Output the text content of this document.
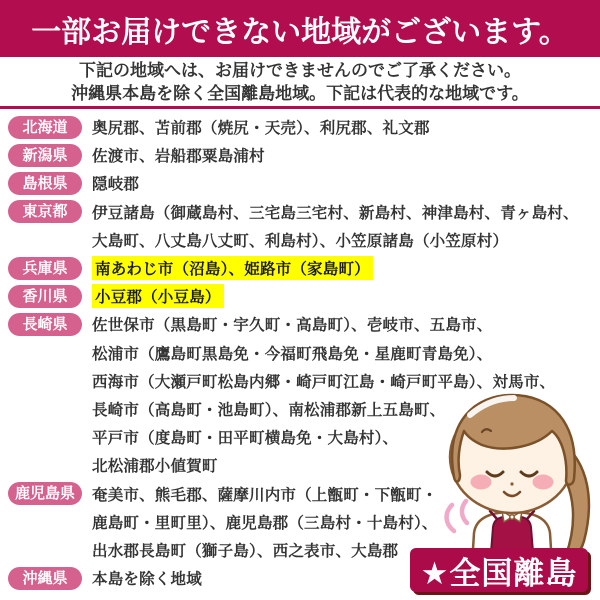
一部お届けできない地域がございます。
下記の地域へは、お届けできませんのでご了承ください。
沖縄県本島を除く全国離島地域。下記は代表的な地域です。
北海道	奥尻郡、苫前郡（焼尻・天売）、利尻郡、礼文郡
新潟県	佐渡市、岩船郡粟島浦村
島根県	隠岐郡
東京都	伊豆諸島（御蔵島村、三宅島三宅村、新島村、神津島村、青ヶ島村、
大島町、八丈島八丈町、利島村）、小笠原諸島（小笠原村）
兵庫県	南あわじ市（沼島）、姫路市（家島町）
香川県	小豆郡（小豆島）
長崎県	佐世保市（黒島町・宇久町・高島町）、壱岐市、五島市、
松浦市（鷹島町黒島免・今福町飛島免・星鹿町青島免）、
西海市（大瀬戸町松島内郷・崎戸町江島・崎戸町平島）、対馬市、
長崎市（高島町・池島町）、南松浦郡新上五島町、
平戸市（度島町・田平町横島免・大島村）、
北松浦郡小値賀町
鹿児島県	奄美市、熊毛郡、薩摩川内市（上甑町・下甑町・
鹿島町・里町里）、鹿児島郡（三島村・十島村）、
出水郡長島町（獅子島）、西之表市、大島郡
沖縄県	本島を除く地域	★全国離島
